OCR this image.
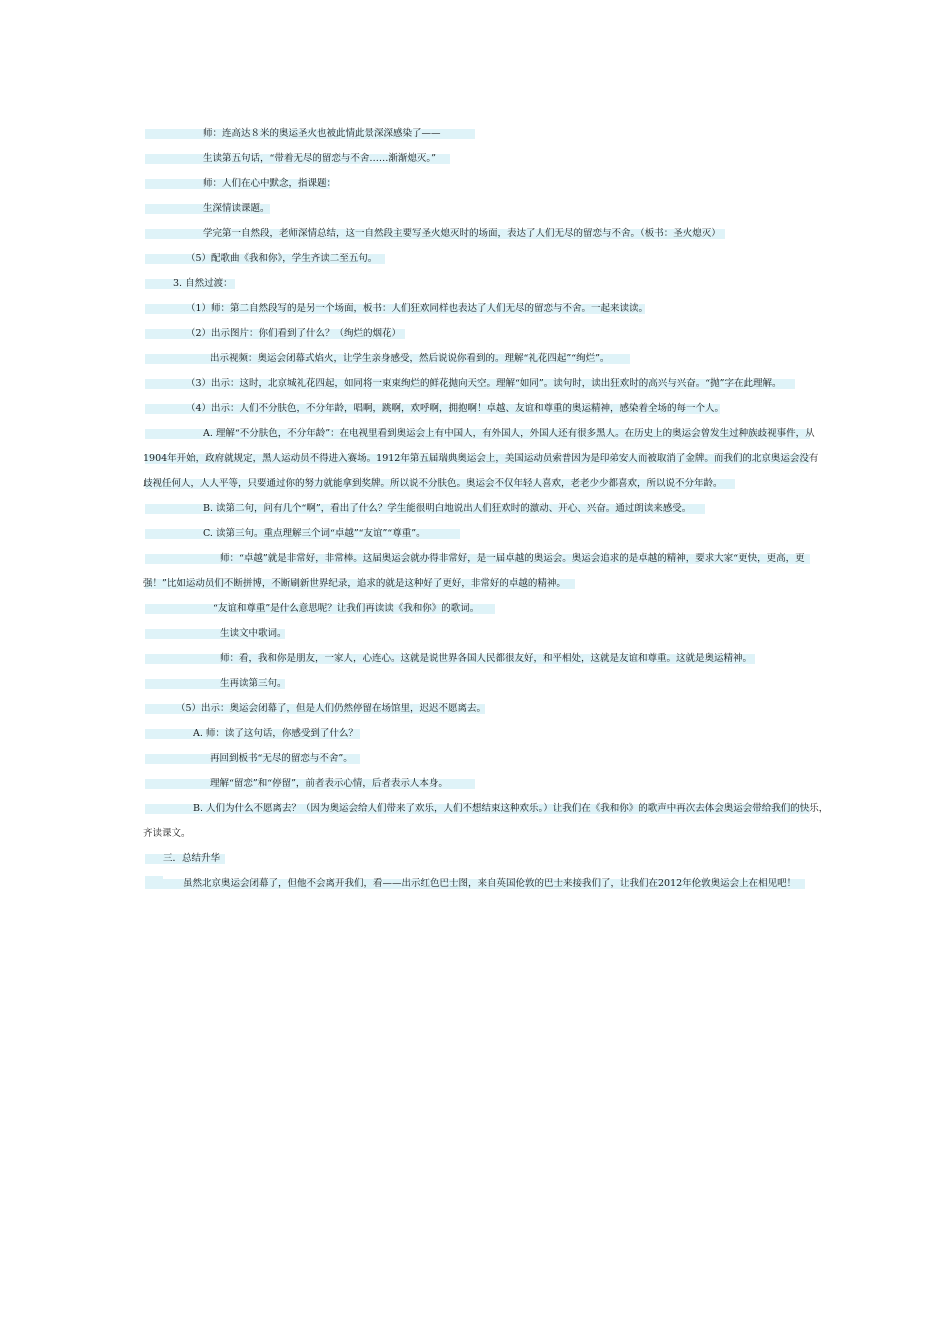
师：连高达８米的奥运圣火也被此情此景深深感染了——
生读第五句话，“带着无尽的留恋与不舍……渐渐熄灭。”
师：人们在心中默念，指课题：
生深情读课题。
学完第一自然段，老师深情总结，这一自然段主要写圣火熄灭时的场面，表达了人们无尽的留恋与不舍。（板书：圣火熄灭）
（5）配歌曲《我和你》，学生齐读二至五句。
3. 自然过渡：
（1）师：第二自然段写的是另一个场面，板书：人们狂欢同样也表达了人们无尽的留恋与不舍。一起来读读。
（2）出示图片：你们看到了什么？（绚烂的烟花）
出示视频：奥运会闭幕式焰火，让学生亲身感受，然后说说你看到的。理解“礼花四起”“绚烂”。
（3）出示：这时，北京城礼花四起，如同将一束束绚烂的鲜花抛向天空。理解“如同”。读句时，读出狂欢时的高兴与兴奋。“抛”字在此理解。
（4）出示：人们不分肤色，不分年龄，唱啊，跳啊，欢呼啊，拥抱啊！卓越、友谊和尊重的奥运精神，感染着全场的每一个人。
A. 理解“不分肤色，不分年龄”：在电视里看到奥运会上有中国人，有外国人，外国人还有很多黑人。在历史上的奥运会曾发生过种族歧视事件，从
1904年开始，政府就规定，黑人运动员不得进入赛场。1912年第五届瑞典奥运会上，美国运动员索普因为是印弟安人而被取消了金牌。而我们的北京奥运会没有
歧视任何人，人人平等，只要通过你的努力就能拿到奖牌。所以说不分肤色。奥运会不仅年轻人喜欢，老老少少都喜欢，所以说不分年龄。
B. 读第二句，问有几个“啊”，看出了什么？学生能很明白地说出人们狂欢时的激动、开心、兴奋。通过朗读来感受。
C. 读第三句。重点理解三个词“卓越”“友谊”“尊重”。
师：“卓越”就是非常好，非常棒。这届奥运会就办得非常好，是一届卓越的奥运会。奥运会追求的是卓越的精神，要求大家“更快，更高，更
强！”比如运动员们不断拼博，不断刷新世界纪录，追求的就是这种好了更好，非常好的卓越的精神。
“友谊和尊重”是什么意思呢？让我们再读读《我和你》的歌词。
生读文中歌词。
师：看，我和你是朋友，一家人，心连心。这就是说世界各国人民都很友好，和平相处，这就是友谊和尊重。这就是奥运精神。
生再读第三句。
（5）出示：奥运会闭幕了，但是人们仍然停留在场馆里，迟迟不愿离去。
A. 师：读了这句话，你感受到了什么？
再回到板书“无尽的留恋与不舍”。
理解“留恋”和“停留”，前者表示心情，后者表示人本身。
B. 人们为什么不愿离去？（因为奥运会给人们带来了欢乐，人们不想结束这种欢乐。）让我们在《我和你》的歌声中再次去体会奥运会带给我们的快乐，
齐读课文。
三．总结升华
虽然北京奥运会闭幕了，但他不会离开我们，看——出示红色巴士图，来自英国伦敦的巴士来接我们了，让我们在2012年伦敦奥运会上在相见吧！
